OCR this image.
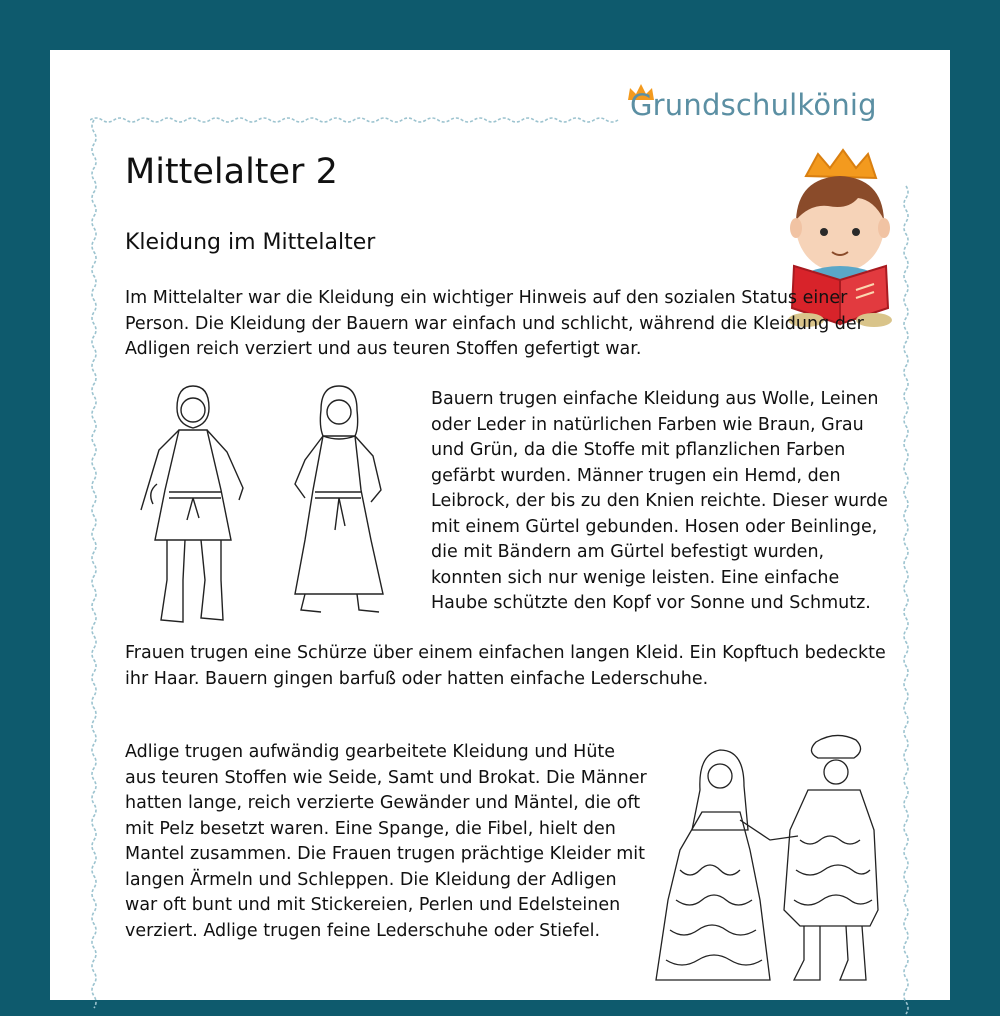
Grundschulkönig
Mittelalter 2
Kleidung im Mittelalter

Im Mittelalter war die Kleidung ein wichtiger Hinweis auf den sozialen Status einer Person. Die Kleidung der Bauern war einfach und schlicht, während die Kleidung der Adligen reich verziert und aus teuren Stoffen gefertigt war.

Bauern trugen einfache Kleidung aus Wolle, Leinen oder Leder in natürlichen Farben wie Braun, Grau und Grün, da die Stoffe mit pflanzlichen Farben gefärbt wurden. Männer trugen ein Hemd, den Leibrock, der bis zu den Knien reichte. Dieser wurde mit einem Gürtel gebunden. Hosen oder Beinlinge, die mit Bändern am Gürtel befestigt wurden, konnten sich nur wenige leisten. Eine einfache Haube schützte den Kopf vor Sonne und Schmutz.

Frauen trugen eine Schürze über einem einfachen langen Kleid. Ein Kopftuch bedeckte ihr Haar. Bauern gingen barfuß oder hatten einfache Lederschuhe.

Adlige trugen aufwändig gearbeitete Kleidung und Hüte aus teuren Stoffen wie Seide, Samt und Brokat. Die Männer hatten lange, reich verzierte Gewänder und Mäntel, die oft mit Pelz besetzt waren. Eine Spange, die Fibel, hielt den Mantel zusammen. Die Frauen trugen prächtige Kleider mit langen Ärmeln und Schleppen. Die Kleidung der Adligen war oft bunt und mit Stickereien, Perlen und Edelsteinen verziert. Adlige trugen feine Lederschuhe oder Stiefel.
